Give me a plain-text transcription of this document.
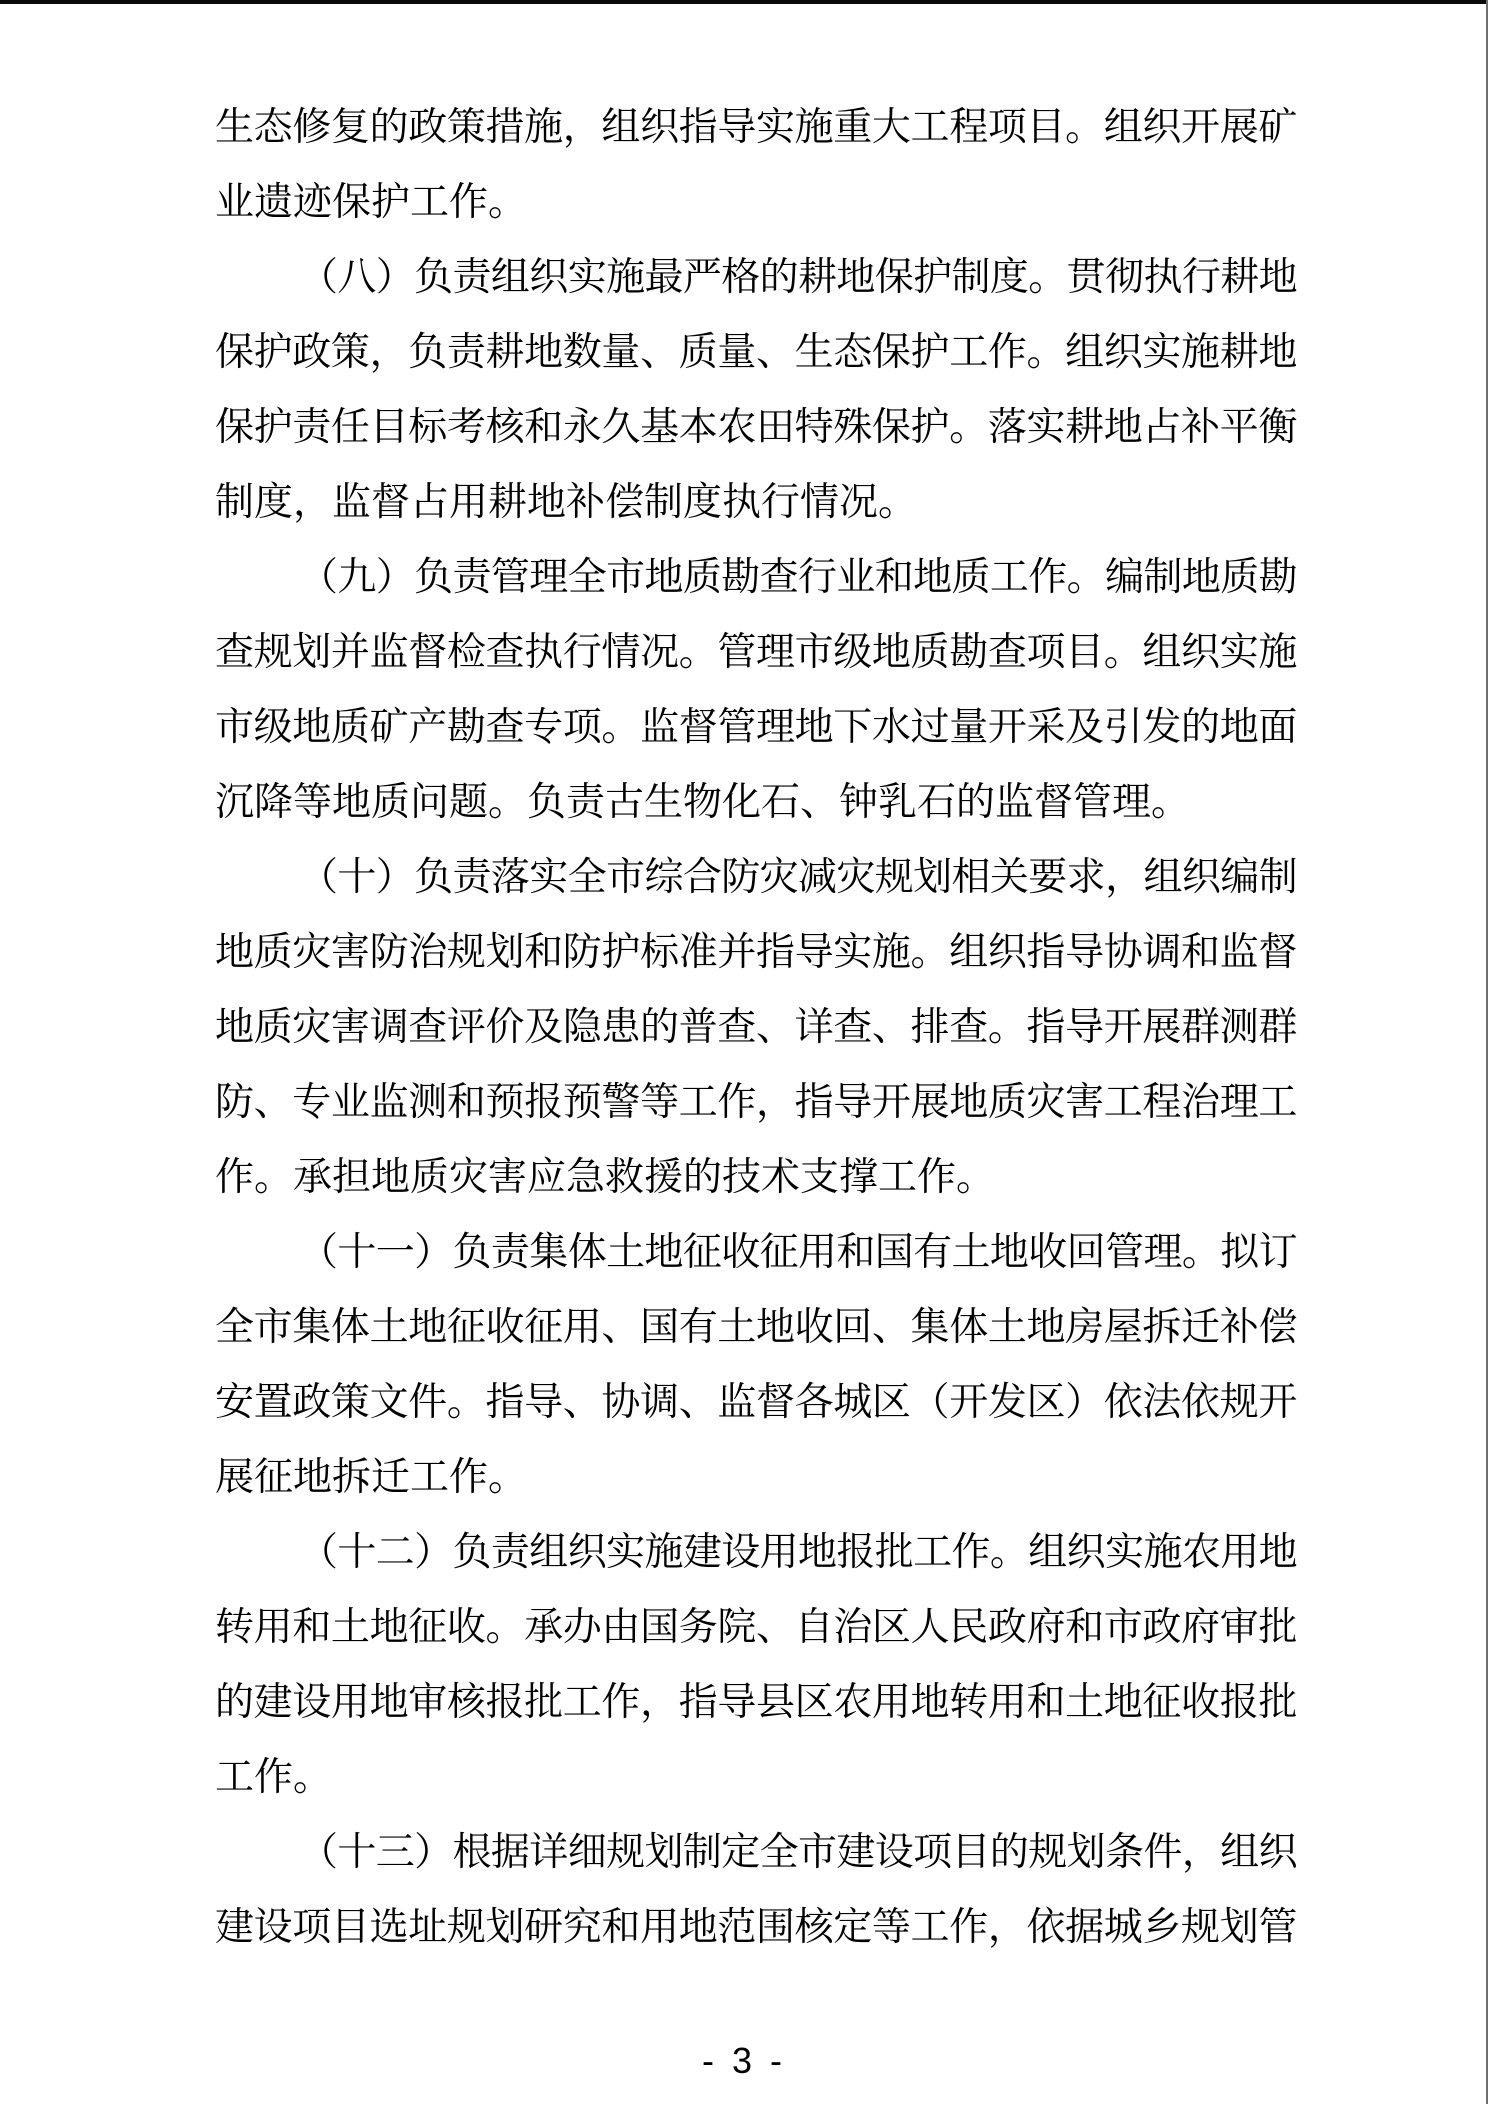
生态修复的政策措施，组织指导实施重大工程项目。组织开展矿
业遗迹保护工作。
（八）负责组织实施最严格的耕地保护制度。贯彻执行耕地
保护政策，负责耕地数量、质量、生态保护工作。组织实施耕地
保护责任目标考核和永久基本农田特殊保护。落实耕地占补平衡
制度，监督占用耕地补偿制度执行情况。
（九）负责管理全市地质勘查行业和地质工作。编制地质勘
查规划并监督检查执行情况。管理市级地质勘查项目。组织实施
市级地质矿产勘查专项。监督管理地下水过量开采及引发的地面
沉降等地质问题。负责古生物化石、钟乳石的监督管理。
（十）负责落实全市综合防灾减灾规划相关要求，组织编制
地质灾害防治规划和防护标准并指导实施。组织指导协调和监督
地质灾害调查评价及隐患的普查、详查、排查。指导开展群测群
防、专业监测和预报预警等工作，指导开展地质灾害工程治理工
作。承担地质灾害应急救援的技术支撑工作。
（十一）负责集体土地征收征用和国有土地收回管理。拟订
全市集体土地征收征用、国有土地收回、集体土地房屋拆迁补偿
安置政策文件。指导、协调、监督各城区（开发区）依法依规开
展征地拆迁工作。
（十二）负责组织实施建设用地报批工作。组织实施农用地
转用和土地征收。承办由国务院、自治区人民政府和市政府审批
的建设用地审核报批工作，指导县区农用地转用和土地征收报批
工作。
（十三）根据详细规划制定全市建设项目的规划条件，组织
建设项目选址规划研究和用地范围核定等工作，依据城乡规划管
- 3 -
